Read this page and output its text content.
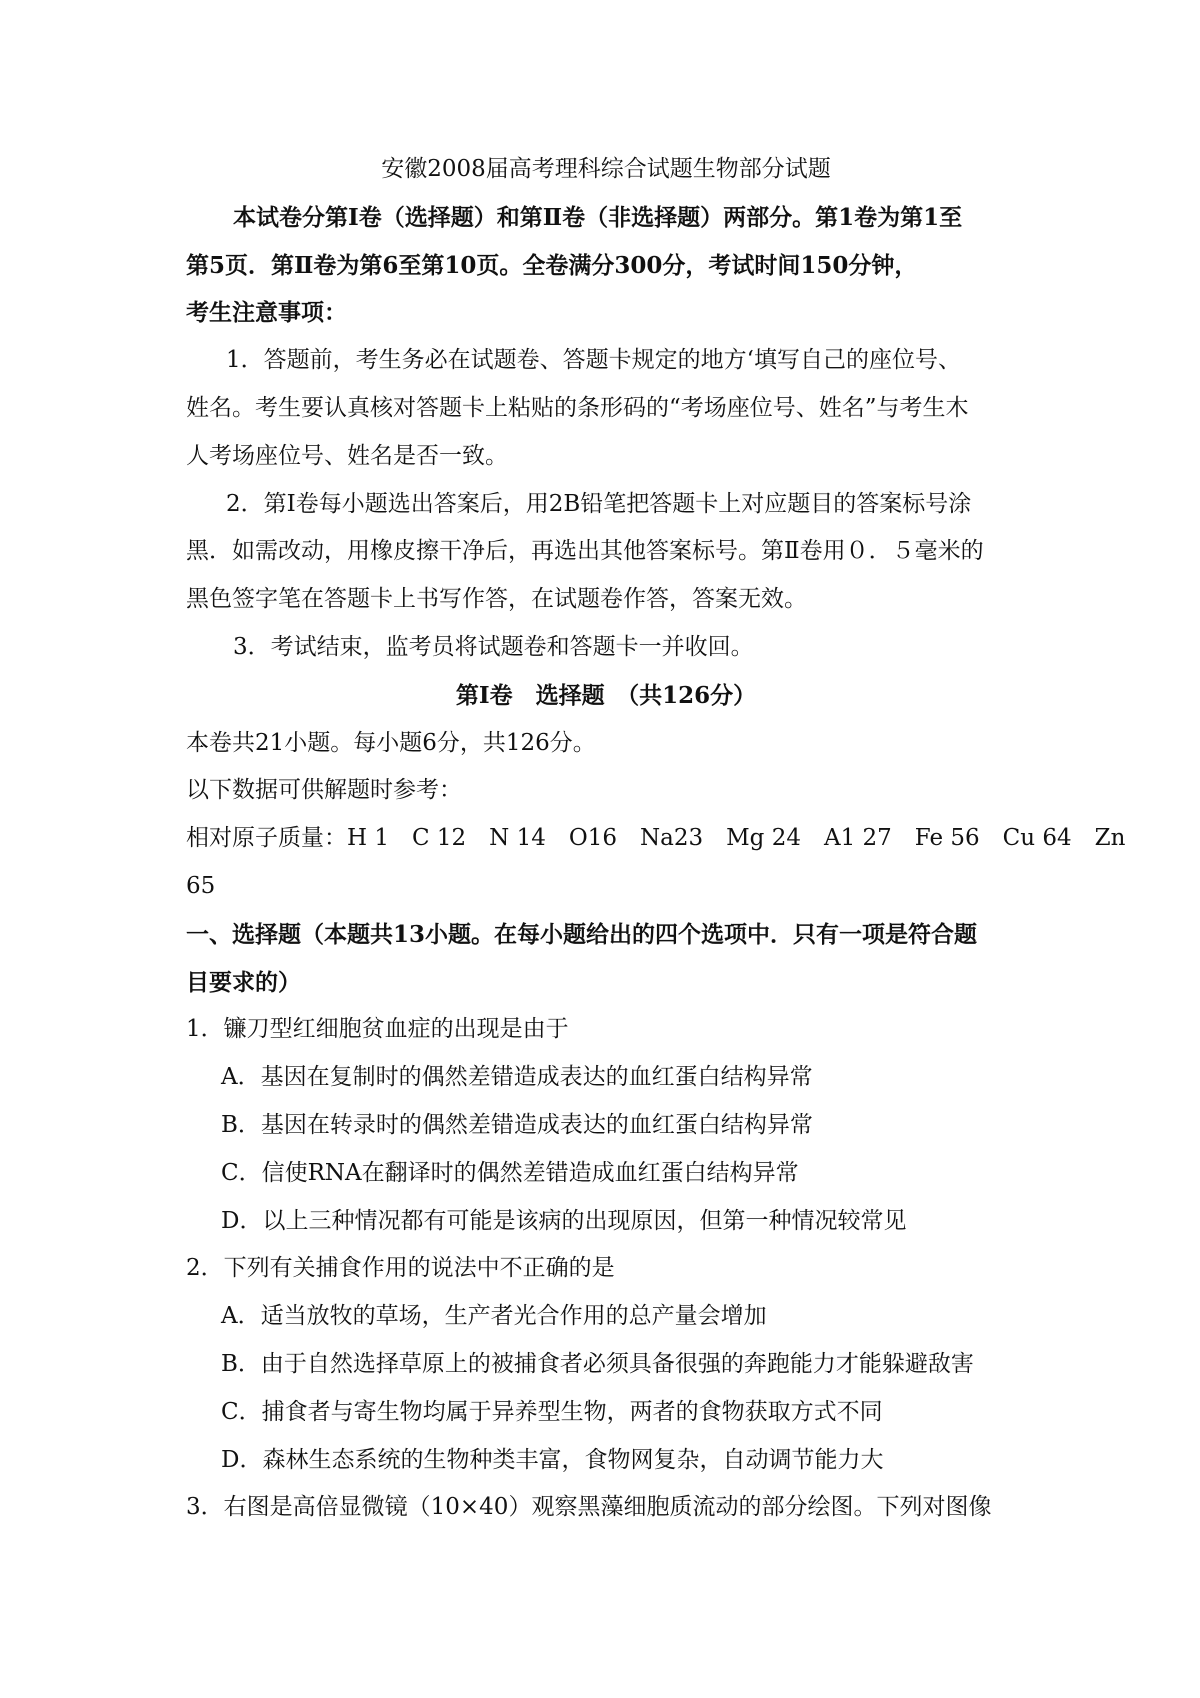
安徽2008届高考理科综合试题生物部分试题
本试卷分第Ⅰ卷（选择题）和第Ⅱ卷（非选择题）两部分。第1卷为第1至
第5页．第Ⅱ卷为第6至第10页。全卷满分300分，考试时间150分钟，
考生注意事项：
1．答题前，考生务必在试题卷、答题卡规定的地方‘填写自己的座位号、
姓名。考生要认真核对答题卡上粘贴的条形码的“考场座位号、姓名”与考生木
人考场座位号、姓名是否一致。
2．第Ⅰ卷每小题选出答案后，用2B铅笔把答题卡上对应题目的答案标号涂
黑．如需改动，用橡皮擦干净后，再选出其他答案标号。第Ⅱ卷用０．５毫米的
黑色签字笔在答题卡上书写作答，在试题卷作答，答案无效。
3．考试结束，监考员将试题卷和答题卡一并收回。
第Ⅰ卷　选择题　（共126分）
本卷共21小题。每小题6分，共126分。
以下数据可供解题时参考：
相对原子质量：H 1　C 12　N 14　O16　Na23　Mg 24　A1 27　Fe 56　Cu 64　Zn
65
一、选择题（本题共13小题。在每小题给出的四个选项中．只有一项是符合题
目要求的）
1．镰刀型红细胞贫血症的出现是由于
A．基因在复制时的偶然差错造成表达的血红蛋白结构异常
B．基因在转录时的偶然差错造成表达的血红蛋白结构异常
C．信使RNA在翻译时的偶然差错造成血红蛋白结构异常
D．以上三种情况都有可能是该病的出现原因，但第一种情况较常见
2．下列有关捕食作用的说法中不正确的是
A．适当放牧的草场，生产者光合作用的总产量会增加
B．由于自然选择草原上的被捕食者必须具备很强的奔跑能力才能躲避敌害
C．捕食者与寄生物均属于异养型生物，两者的食物获取方式不同
D．森林生态系统的生物种类丰富，食物网复杂，自动调节能力大
3．右图是高倍显微镜（10×40）观察黑藻细胞质流动的部分绘图。下列对图像
